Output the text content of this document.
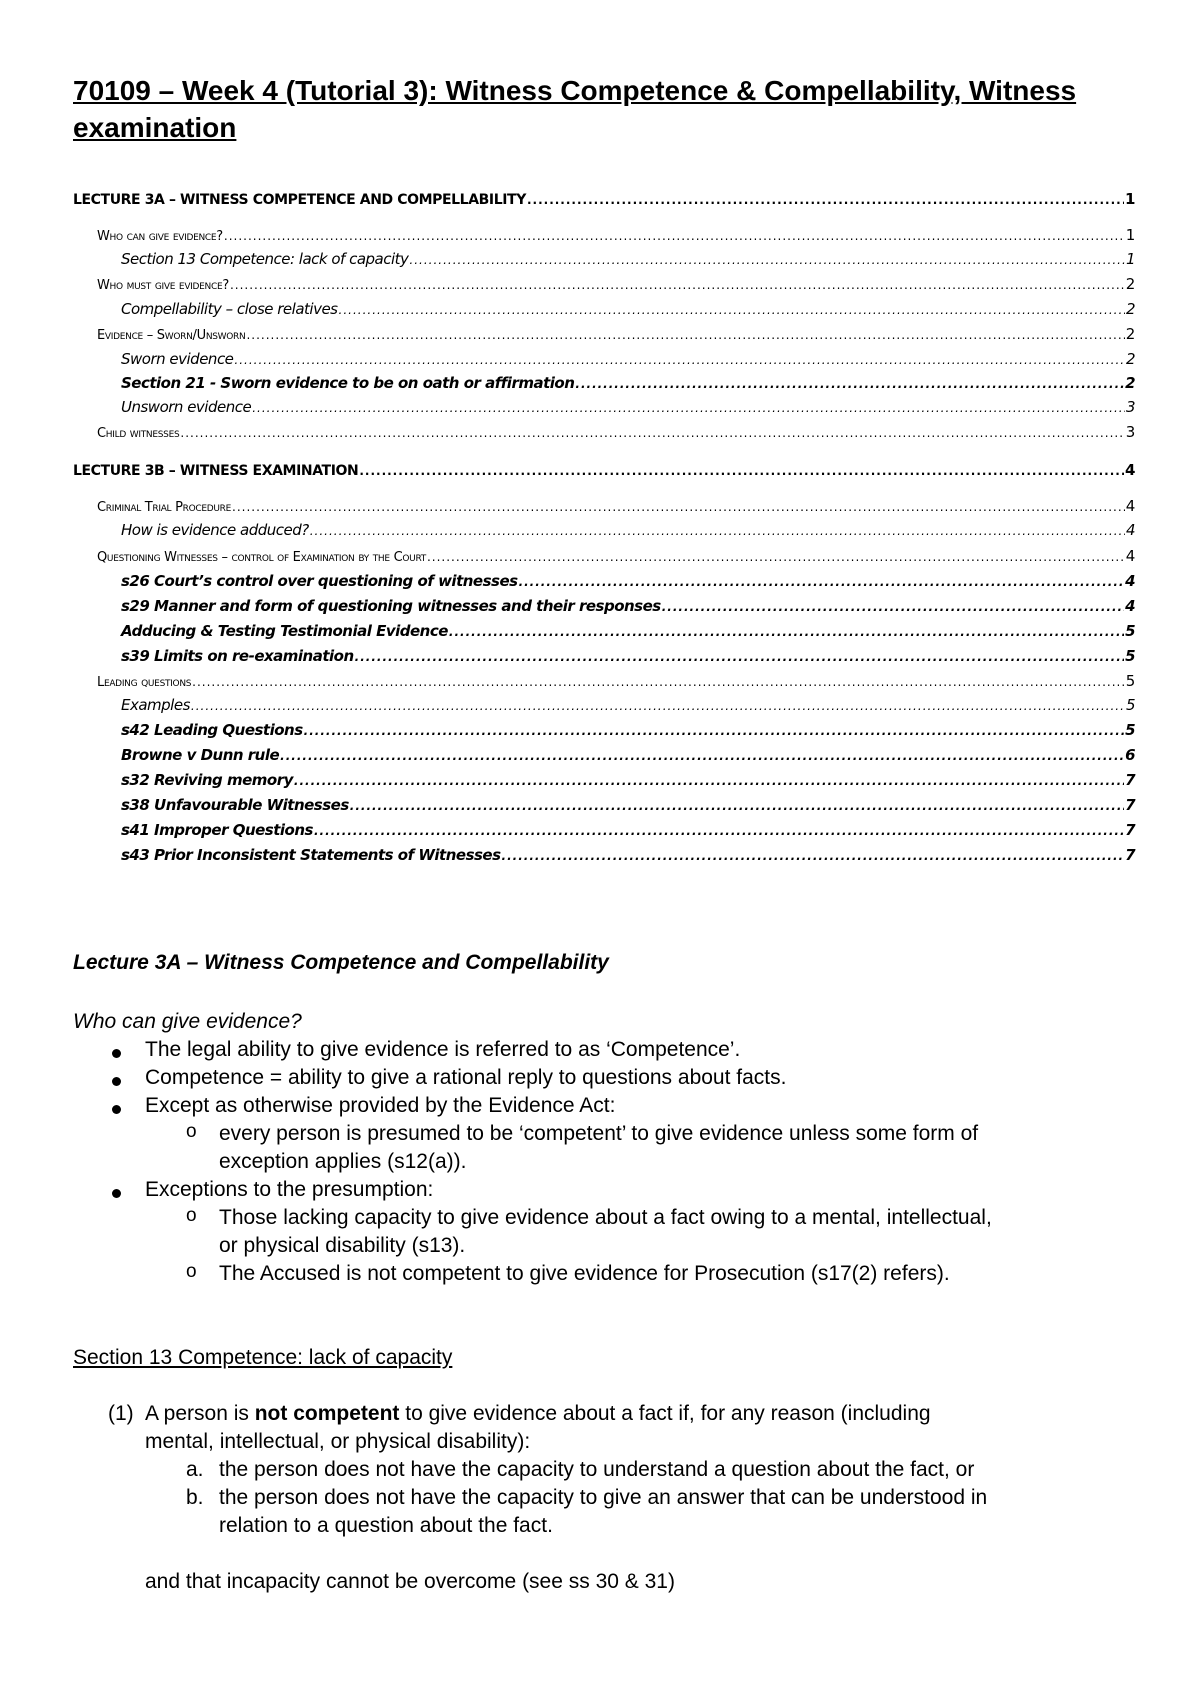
70109 – Week 4 (Tutorial 3): Witness Competence & Compellability, Witness examination
LECTURE 3A – WITNESS COMPETENCE AND COMPELLABILITY .....	1
Who can give evidence? .....	1
Section 13 Competence: lack of capacity .....	1
Who must give evidence? .....	2
Compellability – close relatives .....	2
Evidence – Sworn/Unsworn .....	2
Sworn evidence .....	2
Section 21 - Sworn evidence to be on oath or affirmation .....	2
Unsworn evidence .....	3
Child witnesses .....	3
LECTURE 3B – WITNESS EXAMINATION .....	4
Criminal Trial Procedure .....	4
How is evidence adduced? .....	4
Questioning Witnesses – control of Examination by the Court .....	4
s26 Court’s control over questioning of witnesses .....	4
s29 Manner and form of questioning witnesses and their responses .....	4
Adducing & Testing Testimonial Evidence .....	5
s39 Limits on re-examination .....	5
Leading questions .....	5
Examples .....	5
s42 Leading Questions .....	5
Browne v Dunn rule .....	6
s32 Reviving memory .....	7
s38 Unfavourable Witnesses .....	7
s41 Improper Questions .....	7
s43 Prior Inconsistent Statements of Witnesses .....	7
Lecture 3A – Witness Competence and Compellability

Who can give evidence?

The legal ability to give evidence is referred to as ‘Competence’.

Competence = ability to give a rational reply to questions about facts.

Except as otherwise provided by the Evidence Act:

o every person is presumed to be ‘competent’ to give evidence unless some form of

exception applies (s12(a)).

Exceptions to the presumption:

o Those lacking capacity to give evidence about a fact owing to a mental, intellectual,

or physical disability (s13).

o The Accused is not competent to give evidence for Prosecution (s17(2) refers).

Section 13 Competence: lack of capacity

(1) A person is not competent to give evidence about a fact if, for any reason (including

mental, intellectual, or physical disability):

a. the person does not have the capacity to understand a question about the fact, or

b. the person does not have the capacity to give an answer that can be understood in

relation to a question about the fact.

and that incapacity cannot be overcome (see ss 30 & 31)
